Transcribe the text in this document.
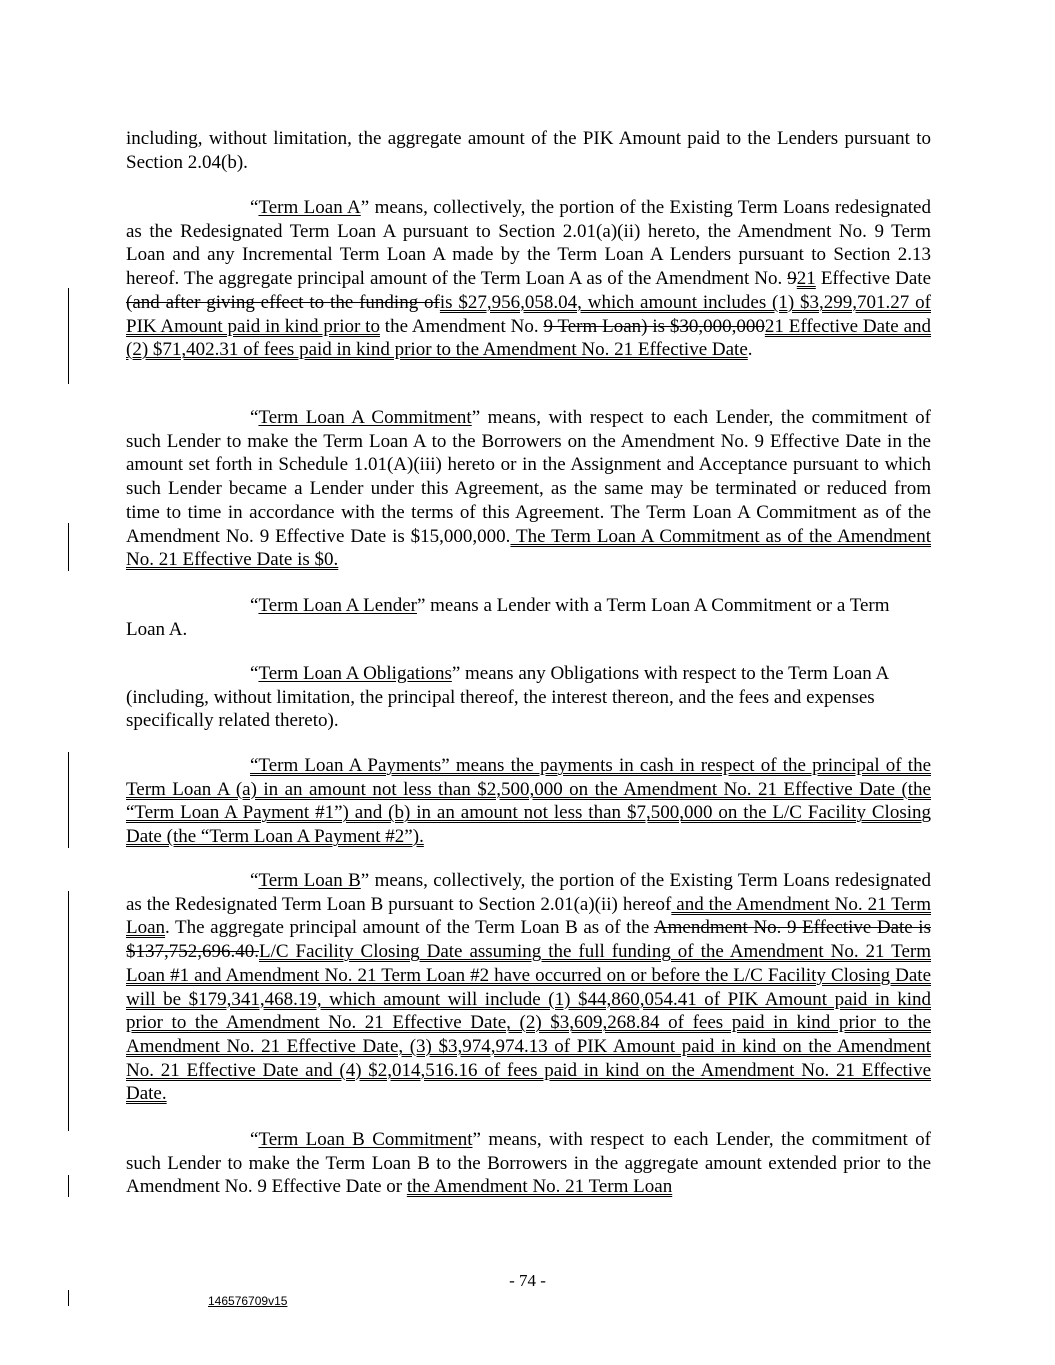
including, without limitation, the aggregate amount of the PIK Amount paid to the Lenders pursuant to Section 2.04(b).

“Term Loan A” means, collectively, the portion of the Existing Term Loans redesignated as the Redesignated Term Loan A pursuant to Section 2.01(a)(ii) hereto, the Amendment No. 9 Term Loan and any Incremental Term Loan A made by the Term Loan A Lenders pursuant to Section 2.13 hereof. The aggregate principal amount of the Term Loan A as of the Amendment No. 921 Effective Date (and after giving effect to the funding ofis $27,956,058.04, which amount includes (1) $3,299,701.27 of PIK Amount paid in kind prior to the Amendment No. 9 Term Loan) is $30,000,00021 Effective Date and (2) $71,402.31 of fees paid in kind prior to the Amendment No. 21 Effective Date.

“Term Loan A Commitment” means, with respect to each Lender, the commitment of such Lender to make the Term Loan A to the Borrowers on the Amendment No. 9 Effective Date in the amount set forth in Schedule 1.01(A)(iii) hereto or in the Assignment and Acceptance pursuant to which such Lender became a Lender under this Agreement, as the same may be terminated or reduced from time to time in accordance with the terms of this Agreement. The Term Loan A Commitment as of the Amendment No. 9 Effective Date is $15,000,000. The Term Loan A Commitment as of the Amendment No. 21 Effective Date is $0.

“Term Loan A Lender” means a Lender with a Term Loan A Commitment or a Term Loan A.

“Term Loan A Obligations” means any Obligations with respect to the Term Loan A (including, without limitation, the principal thereof, the interest thereon, and the fees and expenses specifically related thereto).

“Term Loan A Payments” means the payments in cash in respect of the principal of the Term Loan A (a) in an amount not less than $2,500,000 on the Amendment No. 21 Effective Date (the “Term Loan A Payment #1”) and (b) in an amount not less than $7,500,000 on the L/C Facility Closing Date (the “Term Loan A Payment #2”).

“Term Loan B” means, collectively, the portion of the Existing Term Loans redesignated as the Redesignated Term Loan B pursuant to Section 2.01(a)(ii) hereof and the Amendment No. 21 Term Loan. The aggregate principal amount of the Term Loan B as of the Amendment No. 9 Effective Date is $137,752,696.40.L/C Facility Closing Date assuming the full funding of the Amendment No. 21 Term Loan #1 and Amendment No. 21 Term Loan #2 have occurred on or before the L/C Facility Closing Date will be $179,341,468.19, which amount will include (1) $44,860,054.41 of PIK Amount paid in kind prior to the Amendment No. 21 Effective Date, (2) $3,609,268.84 of fees paid in kind prior to the Amendment No. 21 Effective Date, (3) $3,974,974.13 of PIK Amount paid in kind on the Amendment No. 21 Effective Date and (4) $2,014,516.16 of fees paid in kind on the Amendment No. 21 Effective Date.

“Term Loan B Commitment” means, with respect to each Lender, the commitment of such Lender to make the Term Loan B to the Borrowers in the aggregate amount extended prior to the Amendment No. 9 Effective Date or the Amendment No. 21 Term Loan

- 74 -
146576709v15
